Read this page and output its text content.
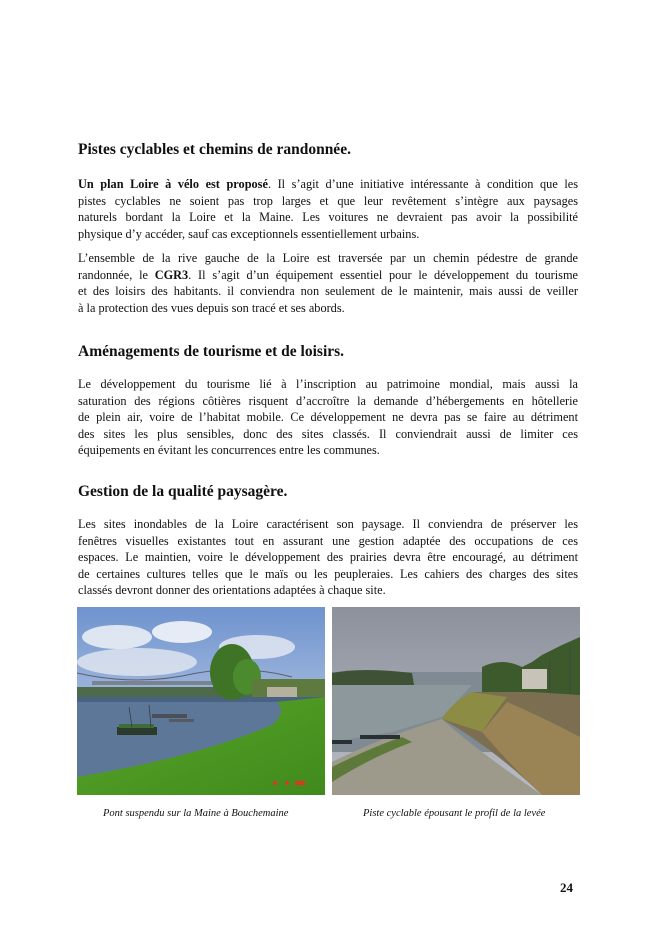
Pistes cyclables et chemins de randonnée.
Un plan Loire à vélo est proposé. Il s’agit d’une initiative intéressante à condition que les
pistes cyclables ne soient pas trop larges et que leur revêtement s’intègre aux paysages
naturels bordant la Loire et la Maine. Les voitures ne devraient pas avoir la possibilité
physique d’y accéder, sauf cas exceptionnels essentiellement urbains.
L’ensemble de la rive gauche de la Loire est traversée par un chemin pédestre de grande
randonnée, le CGR3. Il s’agit d’un équipement essentiel pour le développement du tourisme
et des loisirs des habitants. il conviendra non seulement de le maintenir, mais aussi de veiller
à la protection des vues depuis son tracé et ses abords.
Aménagements de tourisme et de loisirs.
Le développement du tourisme lié à l’inscription au patrimoine mondial, mais aussi la
saturation des régions côtières risquent d’accroître la demande d’hébergements en hôtellerie
de plein air, voire de l’habitat mobile. Ce développement ne devra pas se faire au détriment
des sites les plus sensibles, donc des sites classés. Il conviendrait aussi de limiter ces
équipements en évitant les concurrences entre les communes.
Gestion de la qualité paysagère.
Les sites inondables de la Loire caractérisent son paysage. Il conviendra de préserver les
fenêtres visuelles existantes tout en assurant une gestion adaptée des occupations de ces
espaces. Le maintien, voire le développement des prairies devra être encouragé, au détriment
de certaines cultures telles que le maïs ou les peupleraies. Les cahiers des charges des sites
classés devront donner des orientations adaptées à chaque site.
Pont suspendu sur la Maine à Bouchemaine	Piste cyclable épousant le profil de la levée
24
